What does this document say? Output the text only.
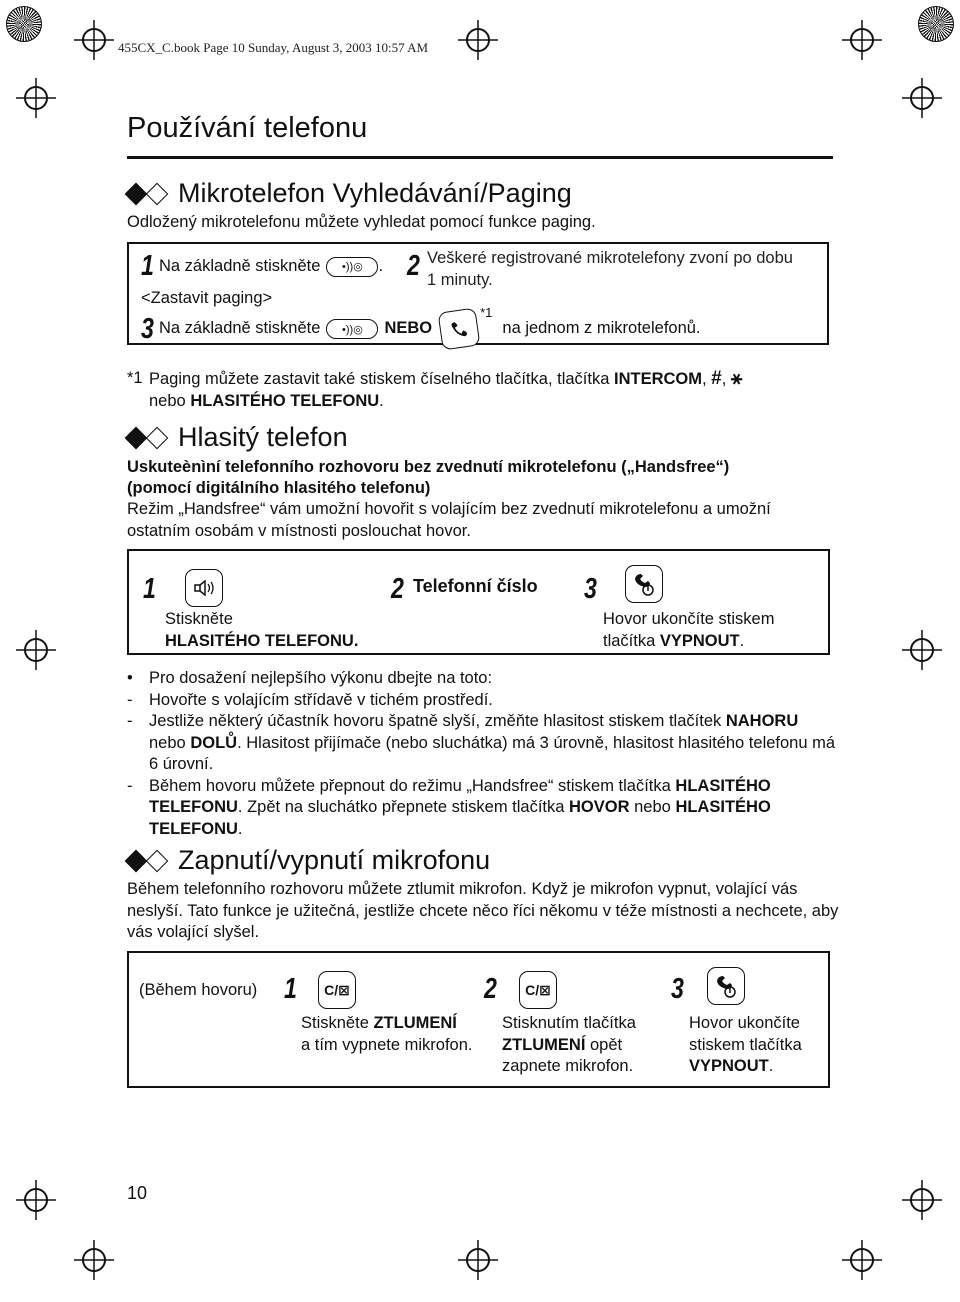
455CX_C.book Page 10 Sunday, August 3, 2003 10:57 AM
Používání telefonu
Mikrotelefon Vyhledávání/Paging
Odložený mikrotelefonu můžete vyhledat pomocí funkce paging.
1 Na základně stiskněte	•))◎ . 2 Veškeré registrované mikrotelefony zvoní po dobu 1 minuty.
<Zastavit paging>
3 Na základně stiskněte	•))◎	NEBO
*1
na jednom z mikrotelefonů.
*1 Paging můžete zastavit také stiskem číselného tlačítka, tlačítka INTERCOM, #, ⚹
nebo HLASITÉHO TELEFONU.
Hlasitý telefon
Uskuteènìní telefonního rozhovoru bez zvednutí mikrotelefonu („Handsfree“)
(pomocí digitálního hlasitého telefonu)
Režim „Handsfree“ vám umožní hovořit s volajícím bez zvednutí mikrotelefonu a umožní ostatním osobám v místnosti poslouchat hovor.
1
Stiskněte
HLASITÉHO TELEFONU.
2 Telefonní číslo 3
Hovor ukončíte stiskem
tlačítka VYPNOUT.
• Pro dosažení nejlepšího výkonu dbejte na toto:
-	Hovořte s volajícím střídavě v tichém prostředí.
-	Jestliže některý účastník hovoru špatně slyší, změňte hlasitost stiskem tlačítek NAHORU nebo DOLŮ. Hlasitost přijímače (nebo sluchátka) má 3 úrovně, hlasitost hlasitého telefonu má 6 úrovní.
-	Během hovoru můžete přepnout do režimu „Handsfree“ stiskem tlačítka HLASITÉHO TELEFONU. Zpět na sluchátko přepnete stiskem tlačítka HOVOR nebo HLASITÉHO TELEFONU.
Zapnutí/vypnutí mikrofonu
Během telefonního rozhovoru můžete ztlumit mikrofon. Když je mikrofon vypnut, volající vás neslyší. Tato funkce je užitečná, jestliže chcete něco říci někomu v téže místnosti a nechcete, aby vás volající slyšel.
(Během hovoru) 1	C/⊠
Stiskněte ZTLUMENÍ
a tím vypnete mikrofon.
2	C/⊠
Stisknutím tlačítka
ZTLUMENÍ opět
zapnete mikrofon.
3
Hovor ukončíte
stiskem tlačítka
VYPNOUT.
10
